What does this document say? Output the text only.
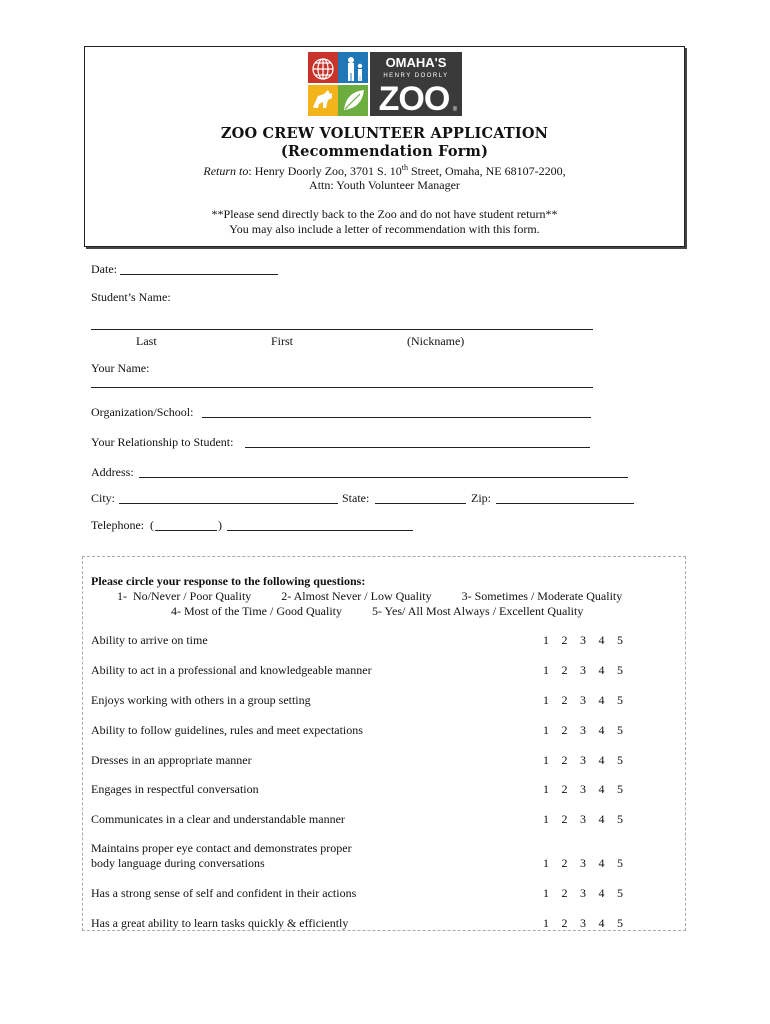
OMAHA'S
HENRY DOORLY
ZOO ®
ZOO CREW VOLUNTEER APPLICATION
(Recommendation Form)
Return to: Henry Doorly Zoo, 3701 S. 10th Street, Omaha, NE 68107-2200,
Attn: Youth Volunteer Manager
**Please send directly back to the Zoo and do not have student return**
You may also include a letter of recommendation with this form.
Date:
Student’s Name:
Last	First	(Nickname)
Your Name:
Organization/School:
Your Relationship to Student:
Address:
City:	State:	Zip:
Telephone: (	)
Please circle your response to the following questions:
1-  No/Never / Poor Quality          2- Almost Never / Low Quality          3- Sometimes / Moderate Quality
4- Most of the Time / Good Quality          5- Yes/ All Most Always / Excellent Quality
Ability to arrive on time	1 2 3 4 5
Ability to act in a professional and knowledgeable manner	1 2 3 4 5
Enjoys working with others in a group setting	1 2 3 4 5
Ability to follow guidelines, rules and meet expectations	1 2 3 4 5
Dresses in an appropriate manner	1 2 3 4 5
Engages in respectful conversation	1 2 3 4 5
Communicates in a clear and understandable manner	1 2 3 4 5
Maintains proper eye contact and demonstrates proper
body language during conversations	1 2 3 4 5
Has a strong sense of self and confident in their actions	1 2 3 4 5
Has a great ability to learn tasks quickly & efficiently	1 2 3 4 5
